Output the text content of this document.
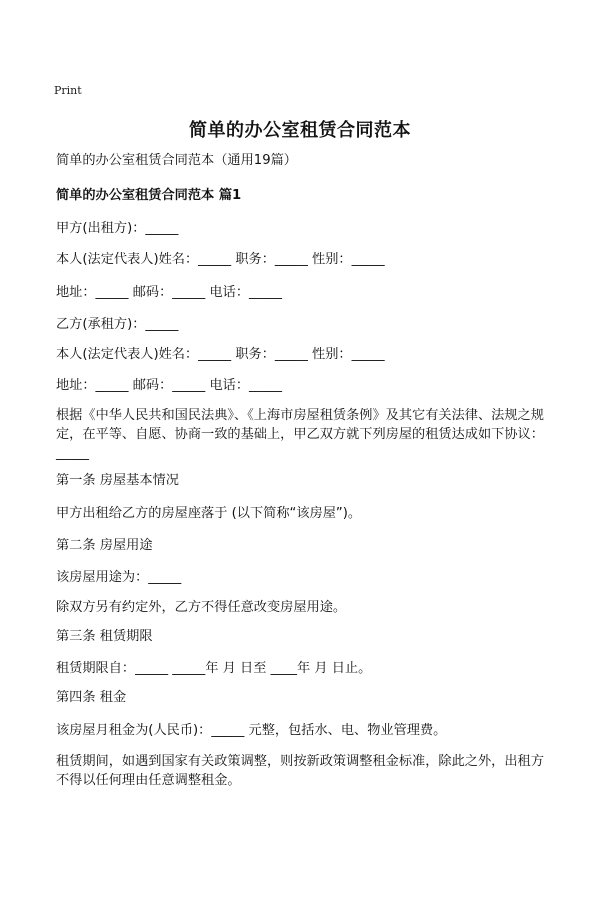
Print
简单的办公室租赁合同范本
简单的办公室租赁合同范本（通用19篇）
简单的办公室租赁合同范本 篇1
甲方(出租方)：_____
本人(法定代表人)姓名：_____ 职务：_____ 性别：_____
地址：_____ 邮码：_____ 电话：_____
乙方(承租方)：_____
本人(法定代表人)姓名：_____ 职务：_____ 性别：_____
地址：_____ 邮码：_____ 电话：_____
根据《中华人民共和国民法典》、《上海市房屋租赁条例》及其它有关法律、法规之规定，在平等、自愿、协商一致的基础上，甲乙双方就下列房屋的租赁达成如下协议：_____
第一条 房屋基本情况
甲方出租给乙方的房屋座落于 (以下简称“该房屋”)。
第二条 房屋用途
该房屋用途为：_____
除双方另有约定外，乙方不得任意改变房屋用途。
第三条 租赁期限
租赁期限自：_____ _____年 月 日至 ____年 月 日止。
第四条 租金
该房屋月租金为(人民币)：_____ 元整，包括水、电、物业管理费。
租赁期间，如遇到国家有关政策调整，则按新政策调整租金标准，除此之外，出租方不得以任何理由任意调整租金。
